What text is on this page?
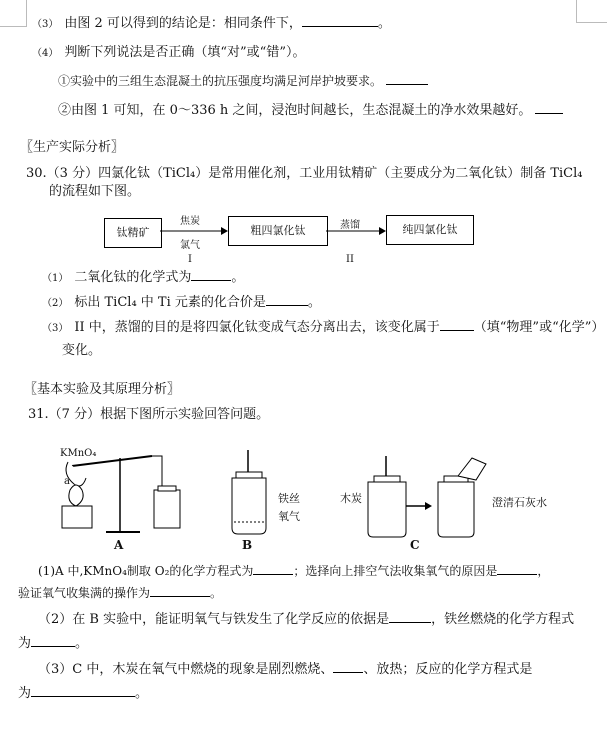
（3） 由图 2 可以得到的结论是：相同条件下，	。
（4） 判断下列说法是否正确（填“对”或“错”）。
①实验中的三组生态混凝土的抗压强度均满足河岸护坡要求。
②由图 1 可知，在 0～336 h 之间，浸泡时间越长，生态混凝土的净水效果越好。
〖生产实际分析〗
30.（3 分）四氯化钛（TiCl₄）是常用催化剂，工业用钛精矿（主要成分为二氧化钛）制备 TiCl₄
的流程如下图。
钛精矿	粗四氯化钛	纯四氯化钛
焦炭
氯气
I
蒸馏
II
（1） 二氧化钛的化学式为	。
（2） 标出 TiCl₄ 中 Ti 元素的化合价是	。
（3） II 中，蒸馏的目的是将四氯化钛变成气态分离出去，该变化属于	（填“物理”或“化学”）
变化。
〖基本实验及其原理分析〗
31.（7 分）根据下图所示实验回答问题。
KMnO₄
a
A
铁丝
氧气
B
木炭	澄清石灰水
C
(1)A 中,KMnO₄制取 O₂的化学方程式为	；选择向上排空气法收集氧气的原因是	，
验证氧气收集满的操作为	。
（2）在 B 实验中，能证明氧气与铁发生了化学反应的依据是	，铁丝燃烧的化学方程式
为	。
（3）C 中，木炭在氧气中燃烧的现象是剧烈燃烧、 、放热；反应的化学方程式是
为	。
